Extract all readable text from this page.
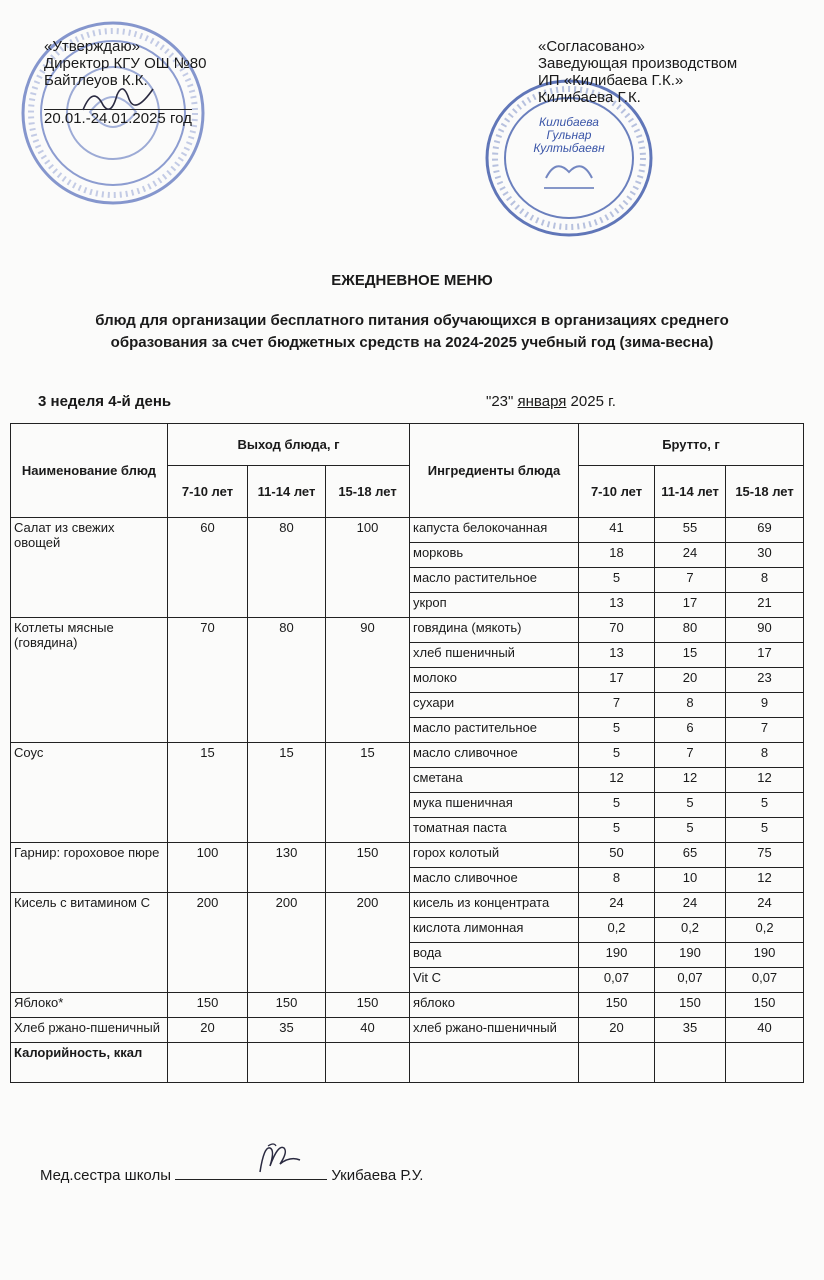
Килибаева Гульнар Култыбаевн
«Утверждаю»
Директор КГУ ОШ №80
Байтлеуов К.К.
20.01.-24.01.2025 год
«Согласовано»
Заведующая производством
ИП «Килибаева Г.К.»
Килибаева Г.К.
ЕЖЕДНЕВНОЕ МЕНЮ
блюд для организации бесплатного питания обучающихся в организациях среднего образования за счет бюджетных средств на 2024-2025 учебный год (зима-весна)
3 неделя 4-й день	"23" января 2025 г.
Наименование блюд	Выход блюда, г			Ингредиенты блюда	Брутто, г		
	7-10 лет	11-14 лет	15-18 лет		7-10 лет	11-14 лет	15-18 лет
Салат из свежих овощей	60	80	100	капуста белокочанная	41	55	69
				морковь	18	24	30
				масло растительное	5	7	8
				укроп	13	17	21
Котлеты мясные (говядина)	70	80	90	говядина (мякоть)	70	80	90
				хлеб пшеничный	13	15	17
				молоко	17	20	23
				сухари	7	8	9
				масло растительное	5	6	7
Соус	15	15	15	масло сливочное	5	7	8
				сметана	12	12	12
				мука пшеничная	5	5	5
				томатная паста	5	5	5
Гарнир: гороховое пюре	100	130	150	горох колотый	50	65	75
				масло сливочное	8	10	12
Кисель с витамином С	200	200	200	кисель из концентрата	24	24	24
				кислота лимонная	0,2	0,2	0,2
				вода	190	190	190
				Vit C	0,07	0,07	0,07
Яблоко*	150	150	150	яблоко	150	150	150
Хлеб ржано-пшеничный	20	35	40	хлеб ржано-пшеничный	20	35	40
Калорийность, ккал							
Мед.сестра школы	Укибаева Р.У.
